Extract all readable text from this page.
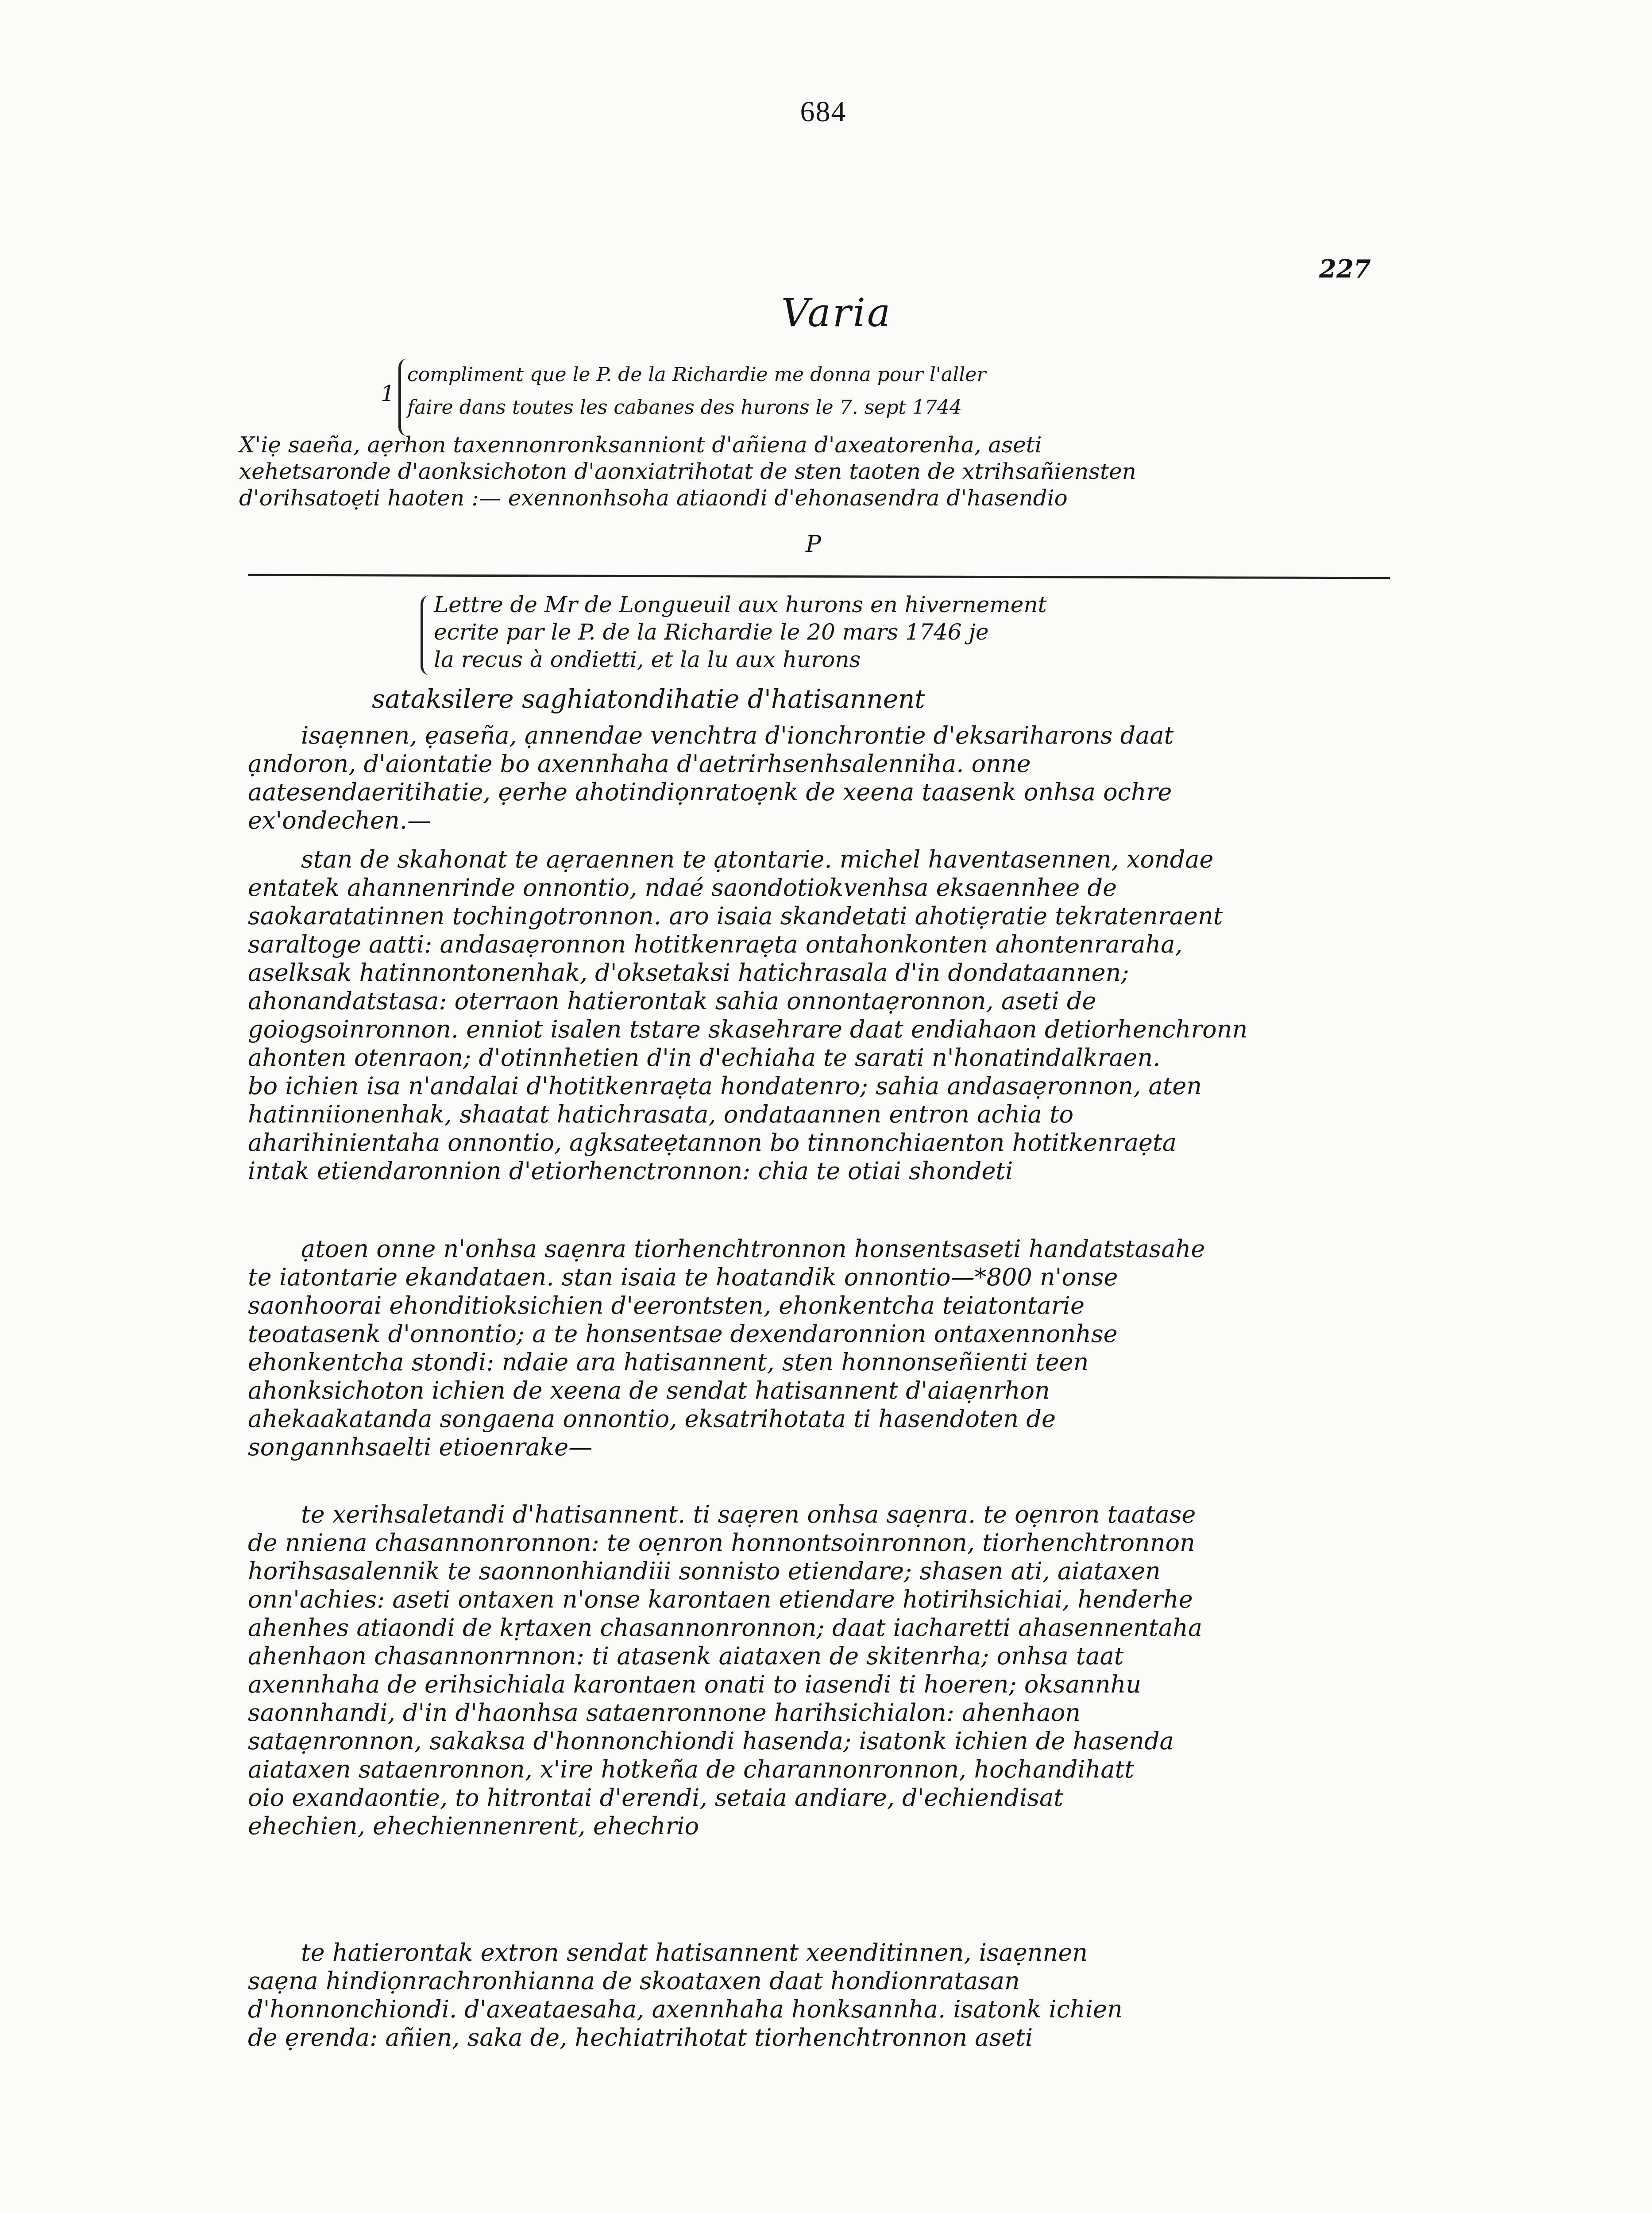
684
227
Varia
1
compliment que le P. de la Richardie me donna pour l'aller
faire dans toutes les cabanes des hurons le 7. sept 1744
X'iẹ saeña, aẹrhon taxennonronksanniont d'añiena d'axeatorenha, aseti
xehetsaronde d'aonksichoton d'aonxiatrihotat de sten taoten de xtrihsañiensten
d'orihsatoẹti haoten :— exennonhsoha atiaondi d'ehonasendra d'hasendio
P
Lettre de Mr de Longueuil aux hurons en hivernement
ecrite par le P. de la Richardie le 20 mars 1746 je
la recus à ondietti, et la lu aux hurons
sataksilere saghiatondihatie d'hatisannent
isaẹnnen, ẹaseña, ạnnendae venchtra d'ionchrontie d'eksariharons daat
ạndoron, d'aiontatie bo axennhaha d'aetrirhsenhsalenniha. onne
aatesendaeritihatie, ẹerhe ahotindiọnratoẹnk de xeena taasenk onhsa ochre
ex'ondechen.—
stan de skahonat te aẹraennen te ạtontarie. michel haventasennen, xondae
entatek ahannenrinde onnontio, ndaé saondotiokvenhsa eksaennhee de
saokaratatinnen tochingotronnon. aro isaia skandetati ahotiẹratie tekratenraent
saraltoge aatti: andasaẹronnon hotitkenraẹta ontahonkonten ahontenraraha,
aselksak hatinnontonenhak, d'oksetaksi hatichrasala d'in dondataannen;
ahonandatstasa: oterraon hatierontak sahia onnontaẹronnon, aseti de
goiogsoinronnon. enniot isalen tstare skasehrare daat endiahaon detiorhenchronn
ahonten otenraon; d'otinnhetien d'in d'echiaha te sarati n'honatindalkraen.
bo ichien isa n'andalai d'hotitkenraẹta hondatenro; sahia andasaẹronnon, aten
hatinniionenhak, shaatat hatichrasata, ondataannen entron achia to
aharihinientaha onnontio, agksateẹtannon bo tinnonchiaenton hotitkenraẹta
intak etiendaronnion d'etiorhenctronnon: chia te otiai shondeti
ạtoen onne n'onhsa saẹnra tiorhenchtronnon honsentsaseti handatstasahe
te iatontarie ekandataen. stan isaia te hoatandik onnontio—*800 n'onse
saonhoorai ehonditioksichien d'eerontsten, ehonkentcha teiatontarie
teoatasenk d'onnontio; a te honsentsae dexendaronnion ontaxennonhse
ehonkentcha stondi: ndaie ara hatisannent, sten honnonseñienti teen
ahonksichoton ichien de xeena de sendat hatisannent d'aiaẹnrhon
ahekaakatanda songaena onnontio, eksatrihotata ti hasendoten de
songannhsaelti etioenrake—
te xerihsaletandi d'hatisannent. ti saẹren onhsa saẹnra. te oẹnron taatase
de nniena chasannonronnon: te oẹnron honnontsoinronnon, tiorhenchtronnon
horihsasalennik te saonnonhiandiii sonnisto etiendare; shasen ati, aiataxen
onn'achies: aseti ontaxen n'onse karontaen etiendare hotirihsichiai, henderhe
ahenhes atiaondi de kṛtaxen chasannonronnon; daat iacharetti ahasennentaha
ahenhaon chasannonrnnon: ti atasenk aiataxen de skitenrha; onhsa taat
axennhaha de erihsichiala karontaen onati to iasendi ti hoeren; oksannhu
saonnhandi, d'in d'haonhsa sataenronnone harihsichialon: ahenhaon
sataẹnronnon, sakaksa d'honnonchiondi hasenda; isatonk ichien de hasenda
aiataxen sataenronnon, x'ire hotkeña de charannonronnon, hochandihatt
oio exandaontie, to hitrontai d'erendi, setaia andiare, d'echiendisat
ehechien, ehechiennenrent, ehechrio
te hatierontak extron sendat hatisannent xeenditinnen, isaẹnnen
saẹna hindiọnrachronhianna de skoataxen daat hondionratasan
d'honnonchiondi. d'axeataesaha, axennhaha honksannha. isatonk ichien
de ẹrenda: añien, saka de, hechiatrihotat tiorhenchtronnon aseti
